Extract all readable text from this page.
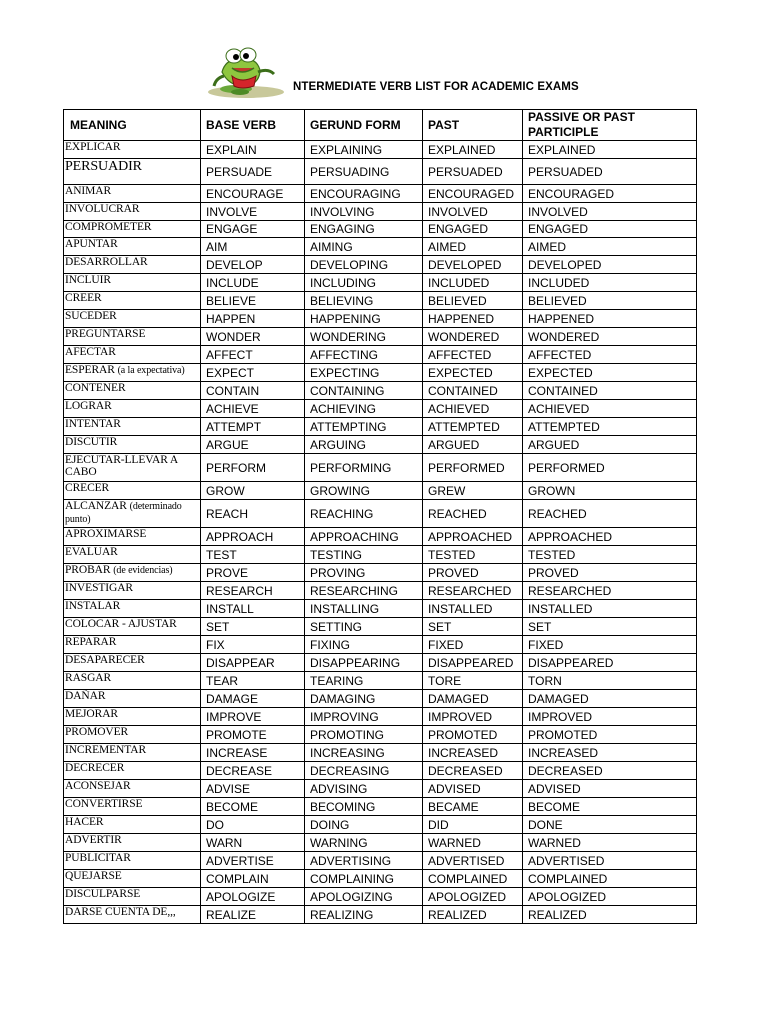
NTERMEDIATE VERB LIST FOR ACADEMIC EXAMS
MEANING	BASE VERB	GERUND FORM	PAST	PASSIVE OR PAST PARTICIPLE
EXPLICAR	EXPLAIN	EXPLAINING	EXPLAINED	EXPLAINED
PERSUADIR	PERSUADE	PERSUADING	PERSUADED	PERSUADED
ANIMAR	ENCOURAGE	ENCOURAGING	ENCOURAGED	ENCOURAGED
INVOLUCRAR	INVOLVE	INVOLVING	INVOLVED	INVOLVED
COMPROMETER	ENGAGE	ENGAGING	ENGAGED	ENGAGED
APUNTAR	AIM	AIMING	AIMED	AIMED
DESARROLLAR	DEVELOP	DEVELOPING	DEVELOPED	DEVELOPED
INCLUIR	INCLUDE	INCLUDING	INCLUDED	INCLUDED
CREER	BELIEVE	BELIEVING	BELIEVED	BELIEVED
SUCEDER	HAPPEN	HAPPENING	HAPPENED	HAPPENED
PREGUNTARSE	WONDER	WONDERING	WONDERED	WONDERED
AFECTAR	AFFECT	AFFECTING	AFFECTED	AFFECTED
ESPERAR (a la expectativa)	EXPECT	EXPECTING	EXPECTED	EXPECTED
CONTENER	CONTAIN	CONTAINING	CONTAINED	CONTAINED
LOGRAR	ACHIEVE	ACHIEVING	ACHIEVED	ACHIEVED
INTENTAR	ATTEMPT	ATTEMPTING	ATTEMPTED	ATTEMPTED
DISCUTIR	ARGUE	ARGUING	ARGUED	ARGUED
EJECUTAR-LLEVAR A CABO	PERFORM	PERFORMING	PERFORMED	PERFORMED
CRECER	GROW	GROWING	GREW	GROWN
ALCANZAR (determinado punto)	REACH	REACHING	REACHED	REACHED
APROXIMARSE	APPROACH	APPROACHING	APPROACHED	APPROACHED
EVALUAR	TEST	TESTING	TESTED	TESTED
PROBAR (de evidencias)	PROVE	PROVING	PROVED	PROVED
INVESTIGAR	RESEARCH	RESEARCHING	RESEARCHED	RESEARCHED
INSTALAR	INSTALL	INSTALLING	INSTALLED	INSTALLED
COLOCAR - AJUSTAR	SET	SETTING	SET	SET
REPARAR	FIX	FIXING	FIXED	FIXED
DESAPARECER	DISAPPEAR	DISAPPEARING	DISAPPEARED	DISAPPEARED
RASGAR	TEAR	TEARING	TORE	TORN
DAÑAR	DAMAGE	DAMAGING	DAMAGED	DAMAGED
MEJORAR	IMPROVE	IMPROVING	IMPROVED	IMPROVED
PROMOVER	PROMOTE	PROMOTING	PROMOTED	PROMOTED
INCREMENTAR	INCREASE	INCREASING	INCREASED	INCREASED
DECRECER	DECREASE	DECREASING	DECREASED	DECREASED
ACONSEJAR	ADVISE	ADVISING	ADVISED	ADVISED
CONVERTIRSE	BECOME	BECOMING	BECAME	BECOME
HACER	DO	DOING	DID	DONE
ADVERTIR	WARN	WARNING	WARNED	WARNED
PUBLICITAR	ADVERTISE	ADVERTISING	ADVERTISED	ADVERTISED
QUEJARSE	COMPLAIN	COMPLAINING	COMPLAINED	COMPLAINED
DISCULPARSE	APOLOGIZE	APOLOGIZING	APOLOGIZED	APOLOGIZED
DARSE CUENTA DE,,,	REALIZE	REALIZING	REALIZED	REALIZED
